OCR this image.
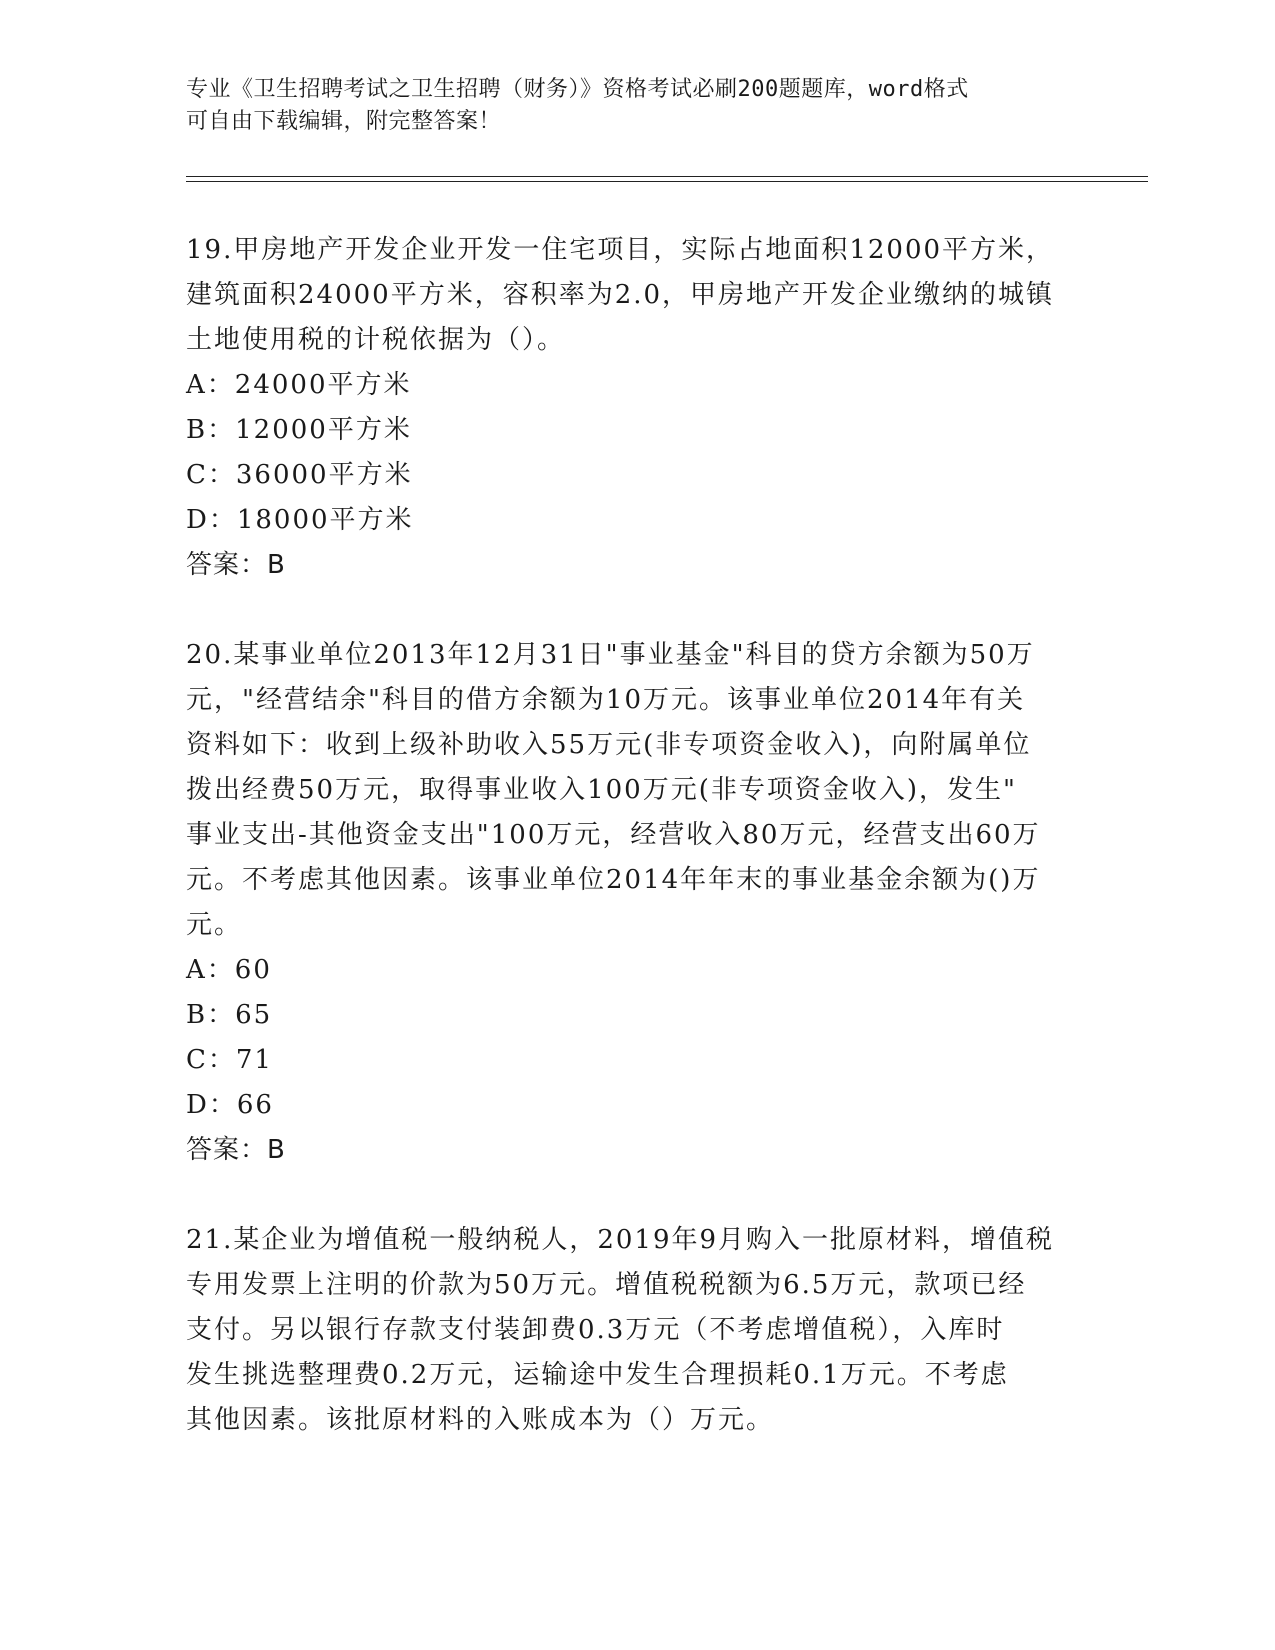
专业《卫生招聘考试之卫生招聘（财务）》资格考试必刷200题题库，word格式
可自由下载编辑，附完整答案！
19.甲房地产开发企业开发一住宅项目，实际占地面积12000平方米，
建筑面积24000平方米，容积率为2.0，甲房地产开发企业缴纳的城镇
土地使用税的计税依据为（）。
A：24000平方米
B：12000平方米
C：36000平方米
D：18000平方米
答案：B
20.某事业单位2013年12月31日"事业基金"科目的贷方余额为50万
元，"经营结余"科目的借方余额为10万元。该事业单位2014年有关
资料如下：收到上级补助收入55万元(非专项资金收入)，向附属单位
拨出经费50万元，取得事业收入100万元(非专项资金收入)，发生"
事业支出-其他资金支出"100万元，经营收入80万元，经营支出60万
元。不考虑其他因素。该事业单位2014年年末的事业基金余额为()万
元。
A：60
B：65
C：71
D：66
答案：B
21.某企业为增值税一般纳税人，2019年9月购入一批原材料，增值税
专用发票上注明的价款为50万元。增值税税额为6.5万元，款项已经
支付。另以银行存款支付装卸费0.3万元（不考虑增值税），入库时
发生挑选整理费0.2万元，运输途中发生合理损耗0.1万元。不考虑
其他因素。该批原材料的入账成本为（）万元。
